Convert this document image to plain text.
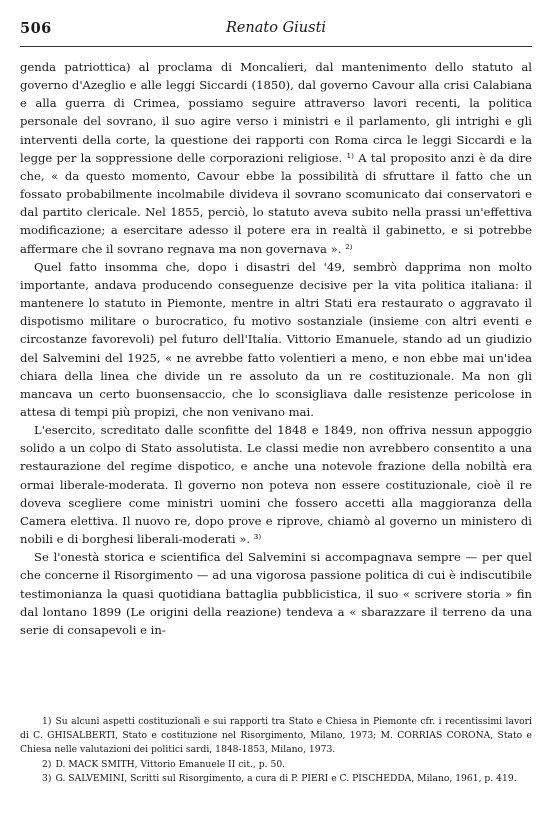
506	Renato Giusti

genda patriottica) al proclama di Moncalieri, dal mantenimento dello statuto al governo d'Azeglio e alle leggi Siccardi (1850), dal governo Cavour alla crisi Calabiana e alla guerra di Crimea, possiamo seguire attraverso lavori recenti, la politica personale del sovrano, il suo agire verso i ministri e il parlamento, gli intrighi e gli interventi della corte, la questione dei rapporti con Roma circa le leggi Siccardi e la legge per la soppressione delle corporazioni religiose. ¹⁾ A tal proposito anzi è da dire che, « da questo momento, Cavour ebbe la possibilità di sfruttare il fatto che un fossato probabilmente incolmabile divideva il sovrano scomunicato dai conservatori e dal partito clericale. Nel 1855, perciò, lo statuto aveva subito nella prassi un'effettiva modificazione; a esercitare adesso il potere era in realtà il gabinetto, e si potrebbe affermare che il sovrano regnava ma non governava ». ²⁾

Quel fatto insomma che, dopo i disastri del '49, sembrò dapprima non molto importante, andava producendo conseguenze decisive per la vita politica italiana: il mantenere lo statuto in Piemonte, mentre in altri Stati era restaurato o aggravato il dispotismo militare o burocratico, fu motivo sostanziale (insieme con altri eventi e circostanze favorevoli) pel futuro dell'Italia. Vittorio Emanuele, stando ad un giudizio del Salvemini del 1925, « ne avrebbe fatto volentieri a meno, e non ebbe mai un'idea chiara della linea che divide un re assoluto da un re costituzionale. Ma non gli mancava un certo buonsensaccio, che lo sconsigliava dalle resistenze pericolose in attesa di tempi più propizi, che non venivano mai.

L'esercito, screditato dalle sconfitte del 1848 e 1849, non offriva nessun appoggio solido a un colpo di Stato assolutista. Le classi medie non avrebbero consentito a una restaurazione del regime dispotico, e anche una notevole frazione della nobiltà era ormai liberale-moderata. Il governo non poteva non essere costituzionale, cioè il re doveva scegliere come ministri uomini che fossero accetti alla maggioranza della Camera elettiva. Il nuovo re, dopo prove e riprove, chiamò al governo un ministero di nobili e di borghesi liberali-moderati ». ³⁾

Se l'onestà storica e scientifica del Salvemini si accompagnava sempre — per quel che concerne il Risorgimento — ad una vigorosa passione politica di cui è indiscutibile testimonianza la quasi quotidiana battaglia pubblicistica, il suo « scrivere storia » fin dal lontano 1899 (Le origini della reazione) tendeva a « sbarazzare il terreno da una serie di consapevoli e in-

1) Su alcuni aspetti costituzionali e sui rapporti tra Stato e Chiesa in Piemonte cfr. i recentissimi lavori di C. GHISALBERTI, Stato e costituzione nel Risorgimento, Milano, 1973; M. CORRIAS CORONA, Stato e Chiesa nelle valutazioni dei politici sardi, 1848-1853, Milano, 1973.

2) D. MACK SMITH, Vittorio Emanuele II cit., p. 50.

3) G. SALVEMINI, Scritti sul Risorgimento, a cura di P. PIERI e C. PISCHEDDA, Milano, 1961, p. 419.
